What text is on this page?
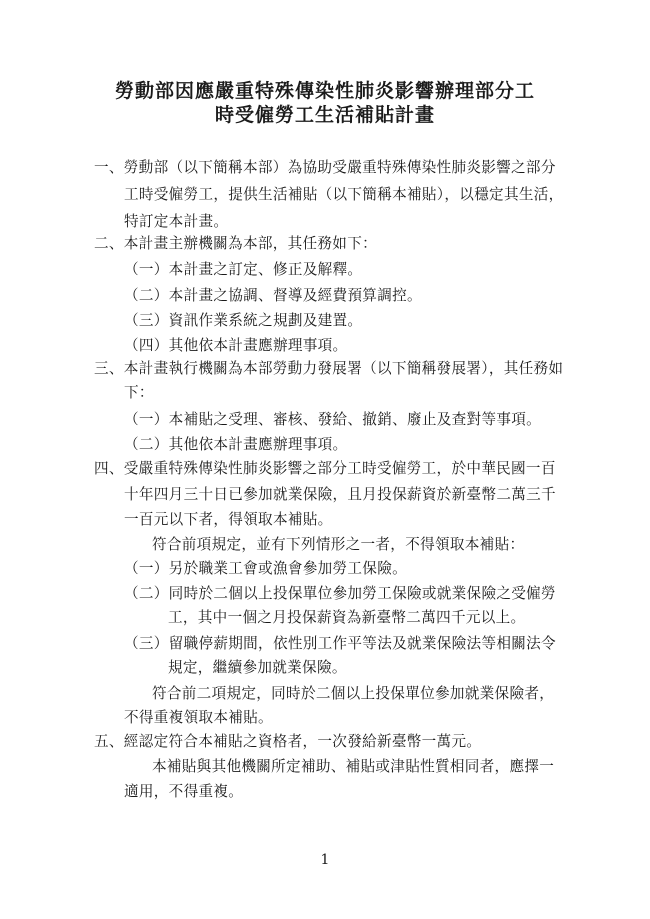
勞動部因應嚴重特殊傳染性肺炎影響辦理部分工
時受僱勞工生活補貼計畫
一、勞動部（以下簡稱本部）為協助受嚴重特殊傳染性肺炎影響之部分
工時受僱勞工，提供生活補貼（以下簡稱本補貼），以穩定其生活，
特訂定本計畫。
二、本計畫主辦機關為本部，其任務如下：
（一）本計畫之訂定、修正及解釋。
（二）本計畫之協調、督導及經費預算調控。
（三）資訊作業系統之規劃及建置。
（四）其他依本計畫應辦理事項。
三、本計畫執行機關為本部勞動力發展署（以下簡稱發展署），其任務如
下：
（一）本補貼之受理、審核、發給、撤銷、廢止及查對等事項。
（二）其他依本計畫應辦理事項。
四、受嚴重特殊傳染性肺炎影響之部分工時受僱勞工，於中華民國一百
十年四月三十日已參加就業保險，且月投保薪資於新臺幣二萬三千
一百元以下者，得領取本補貼。
符合前項規定，並有下列情形之一者，不得領取本補貼：
（一）另於職業工會或漁會參加勞工保險。
（二）同時於二個以上投保單位參加勞工保險或就業保險之受僱勞
工，其中一個之月投保薪資為新臺幣二萬四千元以上。
（三）留職停薪期間，依性別工作平等法及就業保險法等相關法令
規定，繼續參加就業保險。
符合前二項規定，同時於二個以上投保單位參加就業保險者，
不得重複領取本補貼。
五、經認定符合本補貼之資格者，一次發給新臺幣一萬元。
本補貼與其他機關所定補助、補貼或津貼性質相同者，應擇一
適用，不得重複。
1
